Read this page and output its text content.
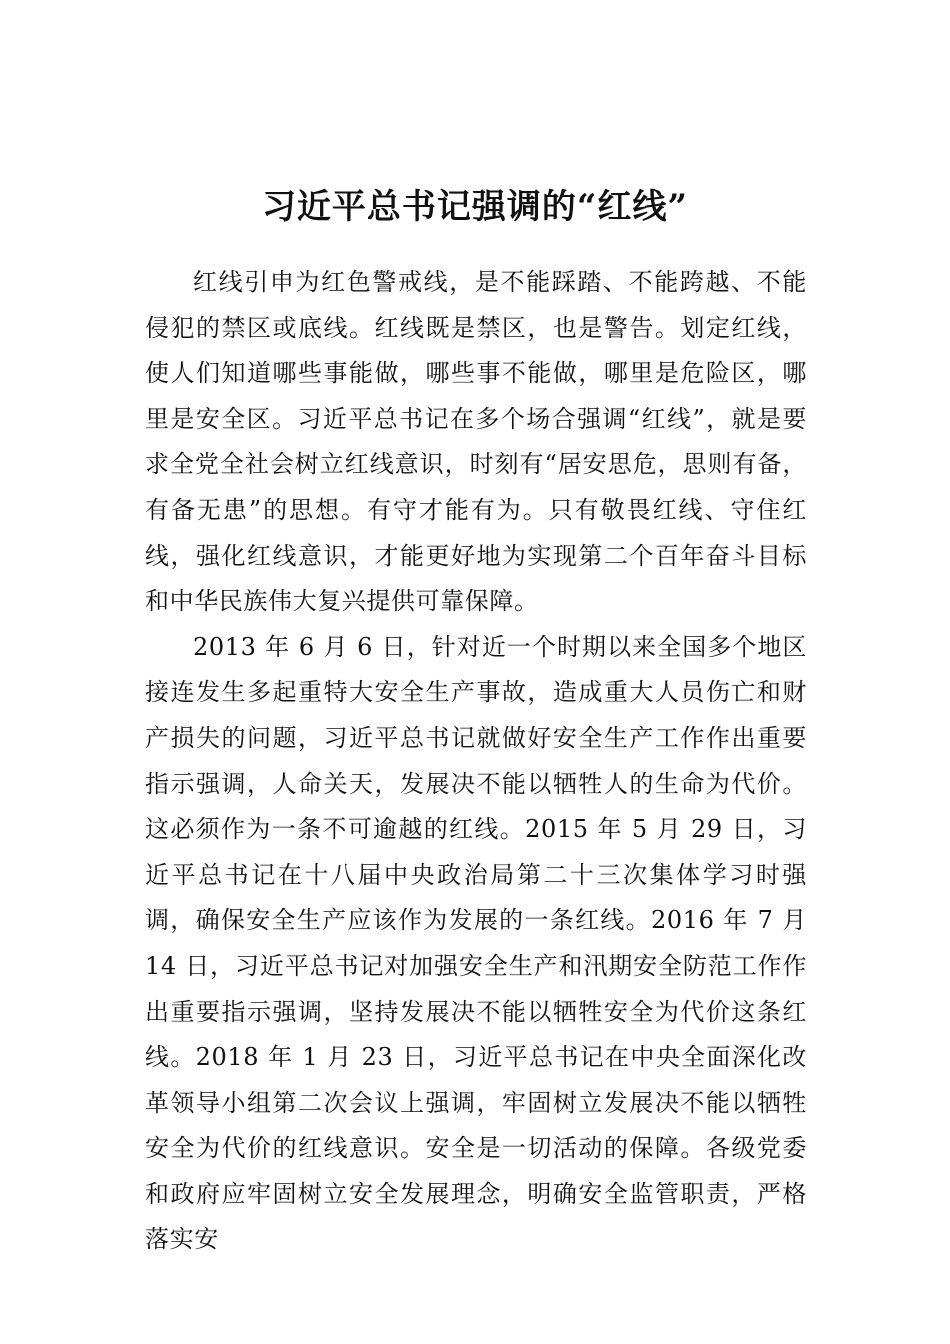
习近平总书记强调的“红线”

红线引申为红色警戒线，是不能踩踏、不能跨越、不能侵犯的禁区或底线。红线既是禁区，也是警告。划定红线，使人们知道哪些事能做，哪些事不能做，哪里是危险区，哪里是安全区。习近平总书记在多个场合强调“红线”，就是要求全党全社会树立红线意识，时刻有“居安思危，思则有备，有备无患”的思想。有守才能有为。只有敬畏红线、守住红线，强化红线意识，才能更好地为实现第二个百年奋斗目标和中华民族伟大复兴提供可靠保障。

2013 年 6 月 6 日，针对近一个时期以来全国多个地区接连发生多起重特大安全生产事故，造成重大人员伤亡和财产损失的问题，习近平总书记就做好安全生产工作作出重要指示强调，人命关天，发展决不能以牺牲人的生命为代价。这必须作为一条不可逾越的红线。2015 年 5 月 29 日，习近平总书记在十八届中央政治局第二十三次集体学习时强调，确保安全生产应该作为发展的一条红线。2016 年 7 月 14 日，习近平总书记对加强安全生产和汛期安全防范工作作出重要指示强调，坚持发展决不能以牺牲安全为代价这条红线。2018 年 1 月 23 日，习近平总书记在中央全面深化改革领导小组第二次会议上强调，牢固树立发展决不能以牺牲安全为代价的红线意识。安全是一切活动的保障。各级党委和政府应牢固树立安全发展理念，明确安全监管职责，严格落实安
